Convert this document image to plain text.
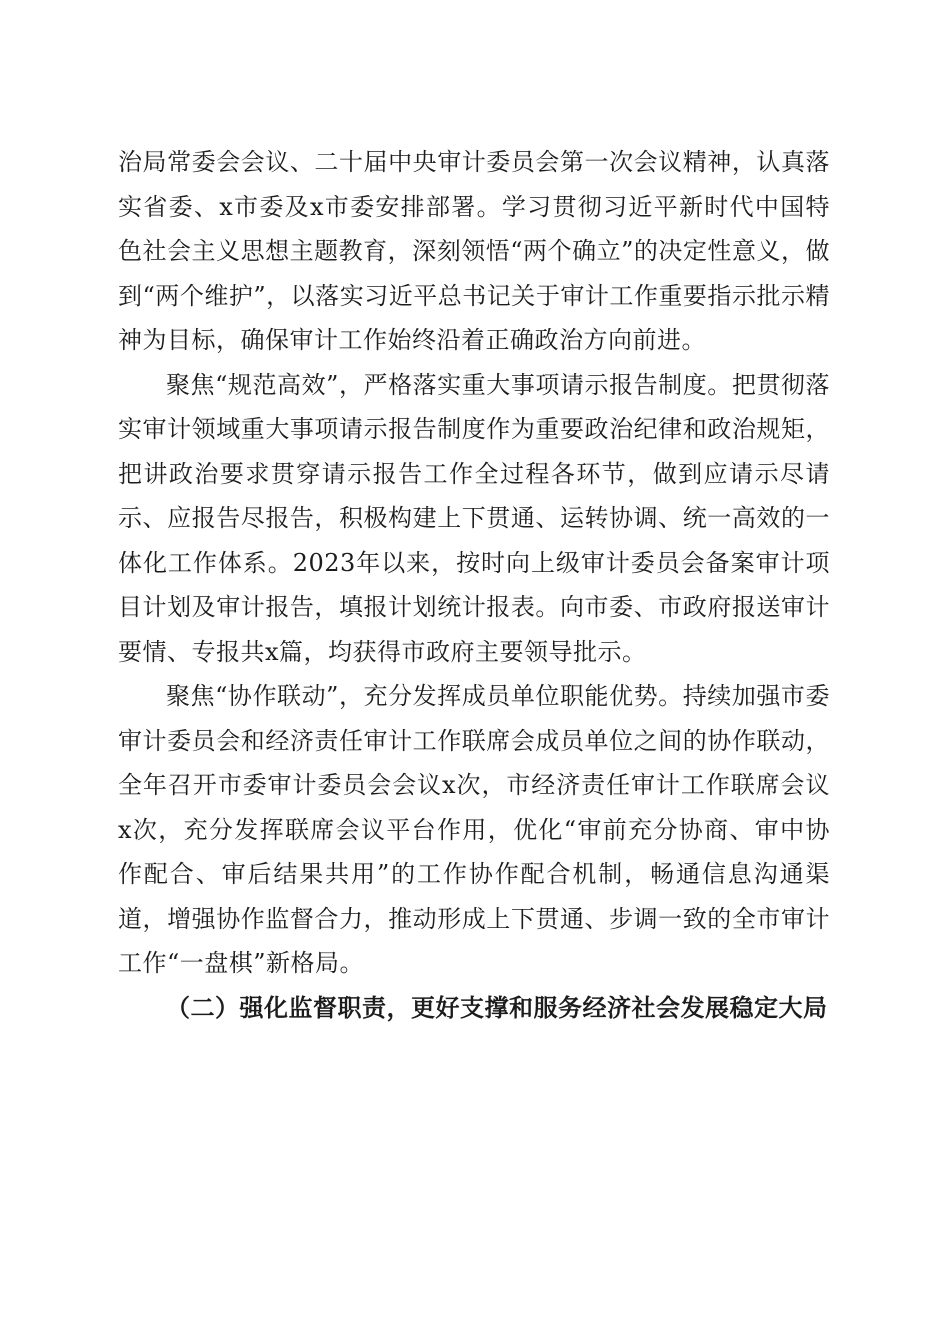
治局常委会会议、二十届中央审计委员会第一次会议精神，认真落实省委、x市委及x市委安排部署。学习贯彻习近平新时代中国特色社会主义思想主题教育，深刻领悟“两个确立”的决定性意义，做到“两个维护”，以落实习近平总书记关于审计工作重要指示批示精神为目标，确保审计工作始终沿着正确政治方向前进。

聚焦“规范高效”，严格落实重大事项请示报告制度。把贯彻落实审计领域重大事项请示报告制度作为重要政治纪律和政治规矩，把讲政治要求贯穿请示报告工作全过程各环节，做到应请示尽请示、应报告尽报告，积极构建上下贯通、运转协调、统一高效的一体化工作体系。2023年以来，按时向上级审计委员会备案审计项目计划及审计报告，填报计划统计报表。向市委、市政府报送审计要情、专报共x篇，均获得市政府主要领导批示。

聚焦“协作联动”，充分发挥成员单位职能优势。持续加强市委审计委员会和经济责任审计工作联席会成员单位之间的协作联动，全年召开市委审计委员会会议x次，市经济责任审计工作联席会议x次，充分发挥联席会议平台作用，优化“审前充分协商、审中协作配合、审后结果共用”的工作协作配合机制，畅通信息沟通渠道，增强协作监督合力，推动形成上下贯通、步调一致的全市审计工作“一盘棋”新格局。

（二）强化监督职责，更好支撑和服务经济社会发展稳定大局
